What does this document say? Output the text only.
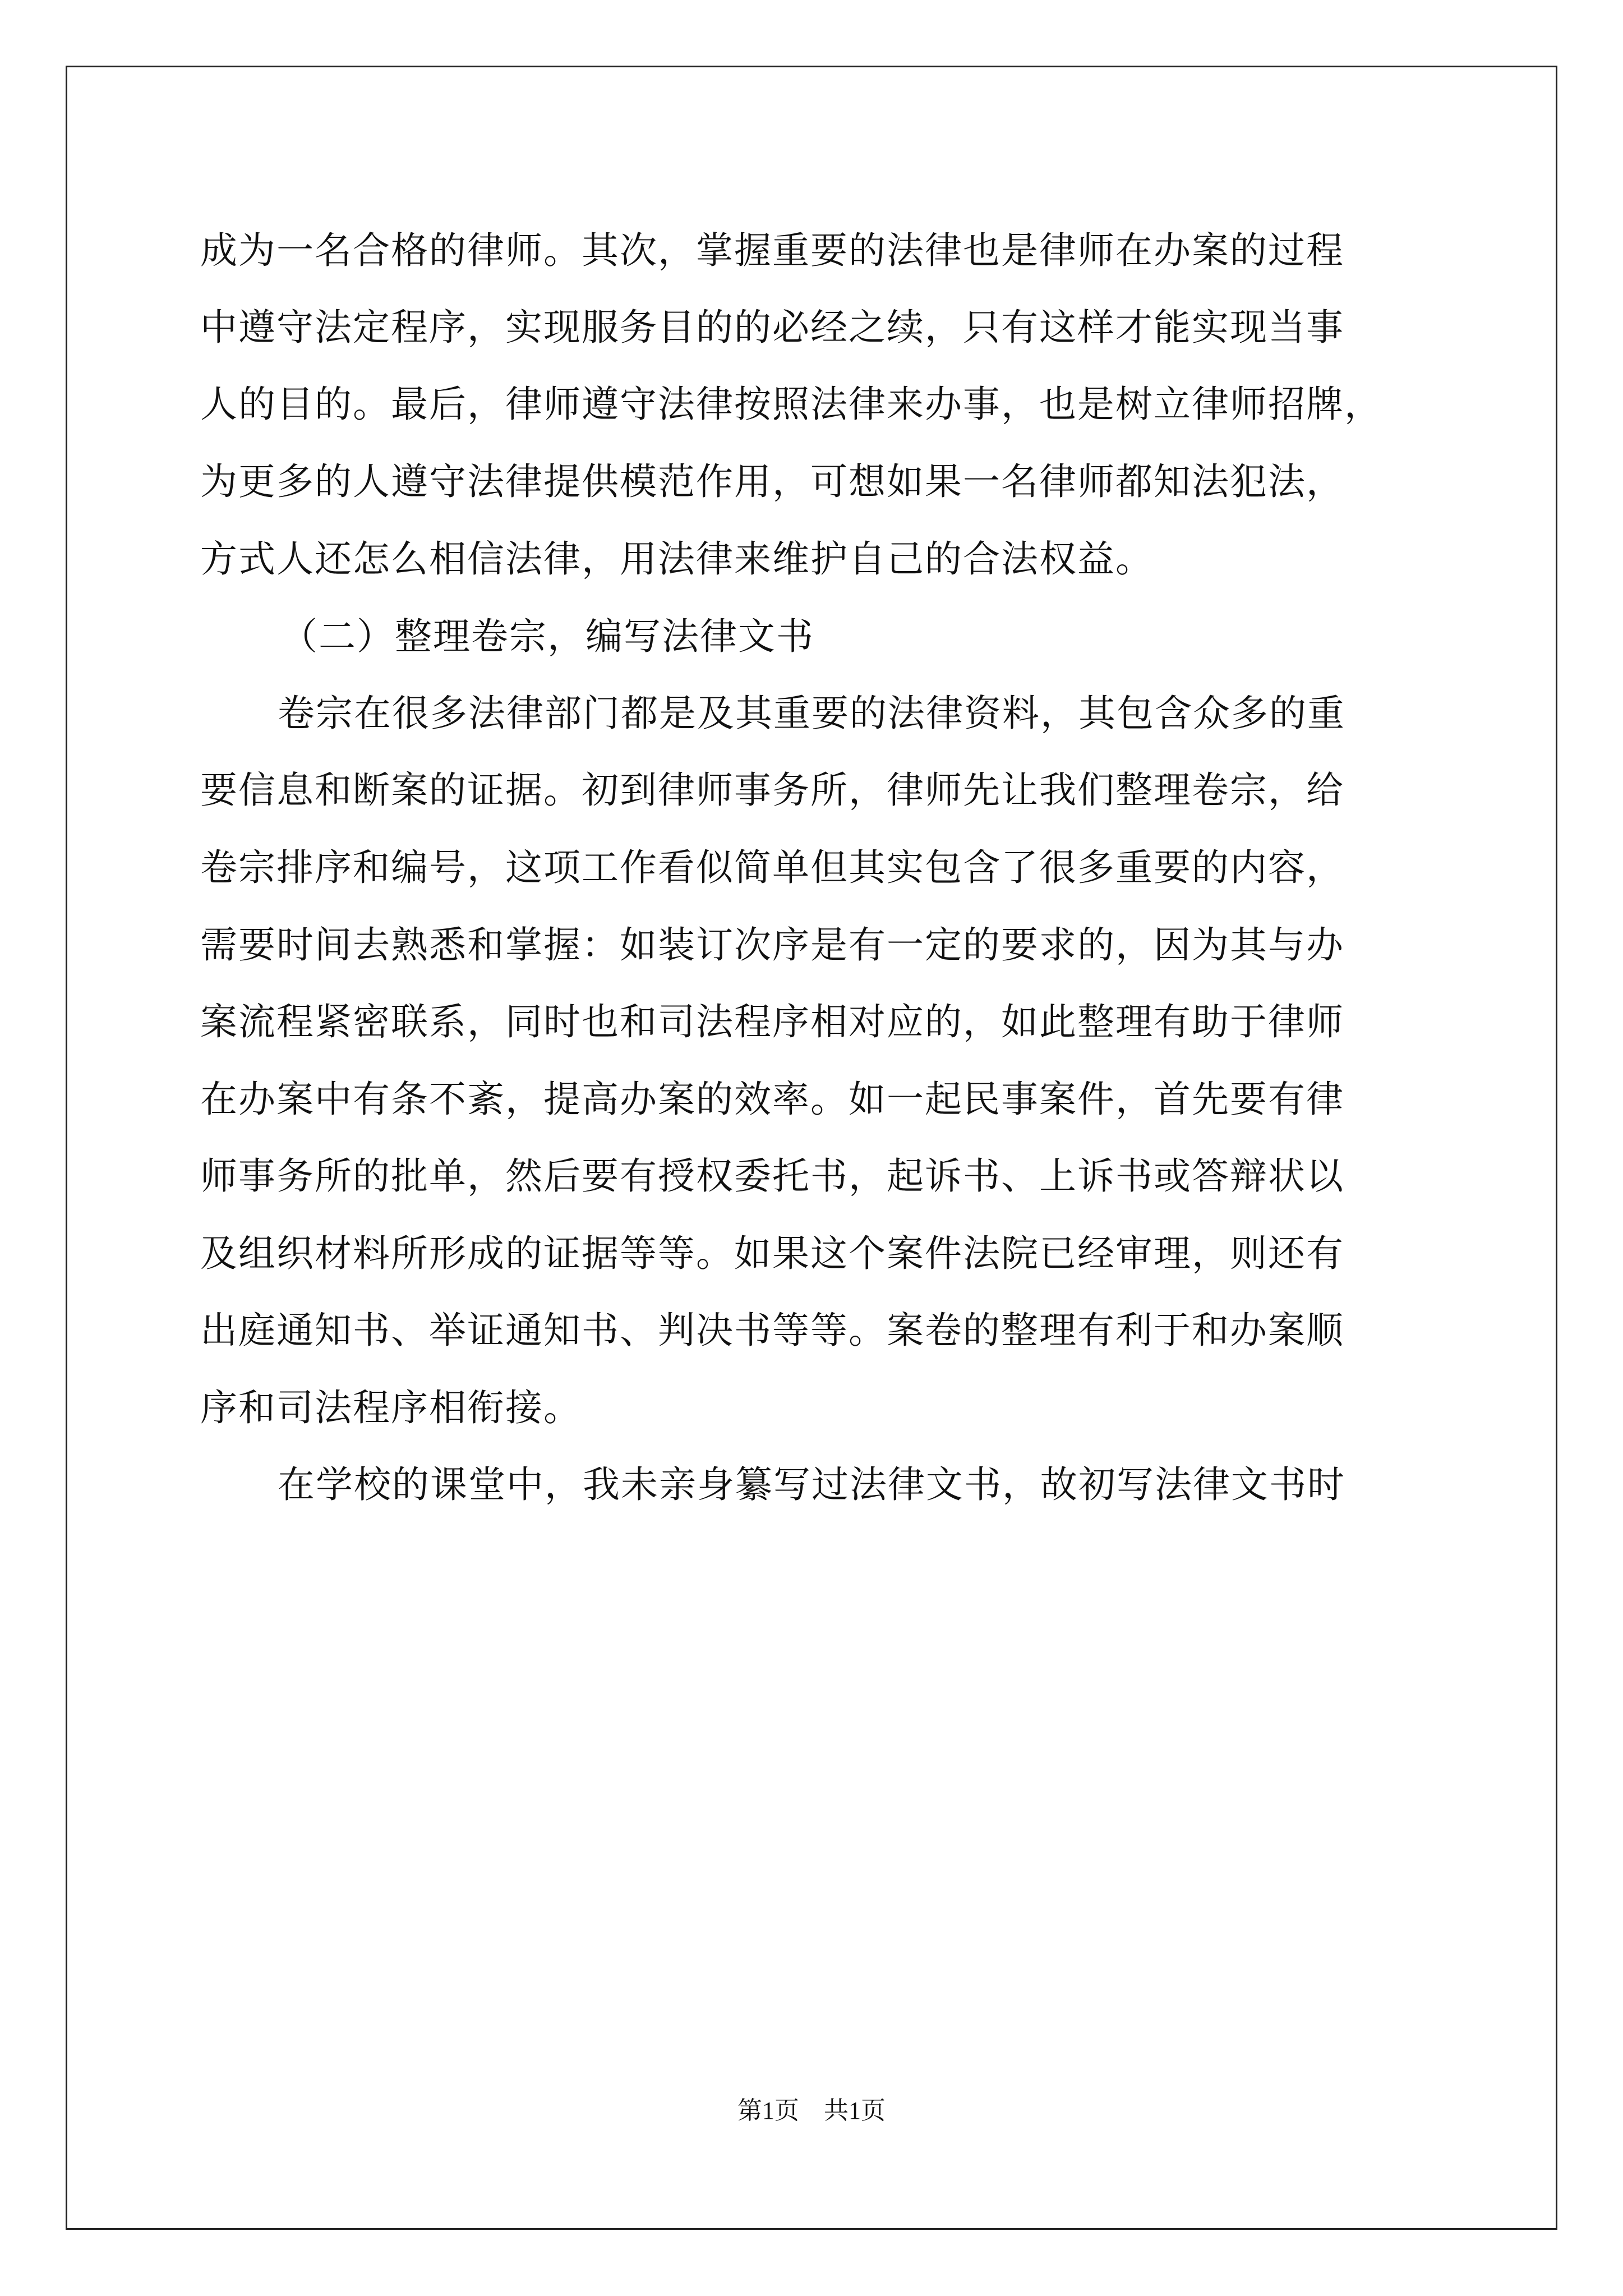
成为一名合格的律师。其次，掌握重要的法律也是律师在办案的过程
中遵守法定程序，实现服务目的的必经之续，只有这样才能实现当事
人的目的。最后，律师遵守法律按照法律来办事，也是树立律师招牌，
为更多的人遵守法律提供模范作用，可想如果一名律师都知法犯法，
方式人还怎么相信法律，用法律来维护自己的合法权益。
（二）整理卷宗，编写法律文书
卷宗在很多法律部门都是及其重要的法律资料，其包含众多的重
要信息和断案的证据。初到律师事务所，律师先让我们整理卷宗，给
卷宗排序和编号，这项工作看似简单但其实包含了很多重要的内容，
需要时间去熟悉和掌握：如装订次序是有一定的要求的，因为其与办
案流程紧密联系，同时也和司法程序相对应的，如此整理有助于律师
在办案中有条不紊，提高办案的效率。如一起民事案件，首先要有律
师事务所的批单，然后要有授权委托书，起诉书、上诉书或答辩状以
及组织材料所形成的证据等等。如果这个案件法院已经审理，则还有
出庭通知书、举证通知书、判决书等等。案卷的整理有利于和办案顺
序和司法程序相衔接。
在学校的课堂中，我未亲身纂写过法律文书，故初写法律文书时
第1页　共1页
